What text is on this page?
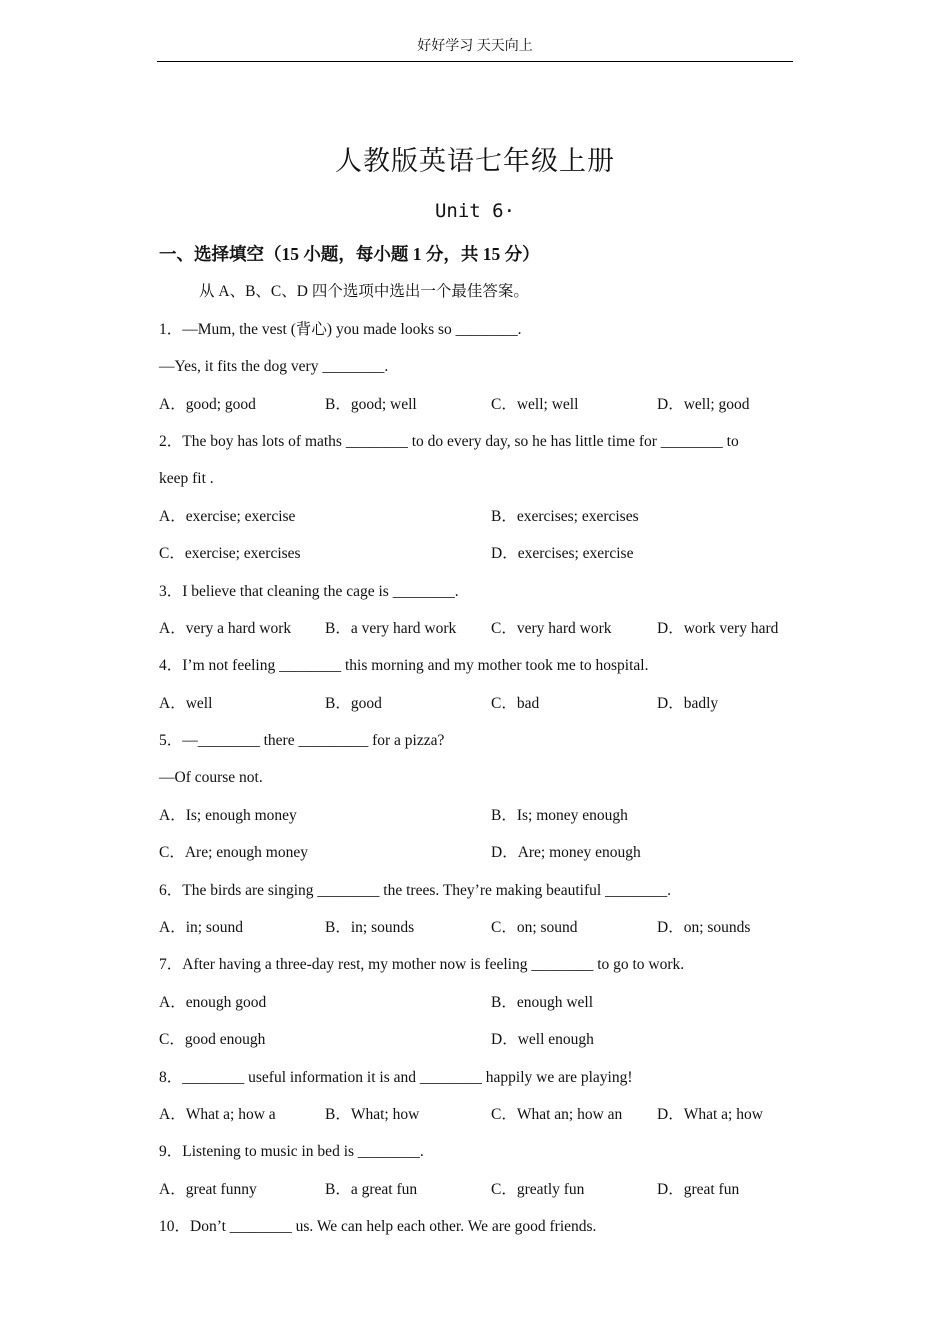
好好学习 天天向上
人教版英语七年级上册
Unit 6·
一、选择填空（15 小题，每小题 1 分，共 15 分）
从 A、B、C、D 四个选项中选出一个最佳答案。
1．—Mum, the vest (背心) you made looks so ________.
—Yes, it fits the dog very ________.
A．good; good	B．good; well	C．well; well	D．well; good
2．The boy has lots of maths ________ to do every day, so he has little time for ________ to
keep fit .
A．exercise; exercise	B．exercises; exercises
C．exercise; exercises	D．exercises; exercise
3．I believe that cleaning the cage is ________.
A．very a hard work	B．a very hard work	C．very hard work	D．work very hard
4．I’m not feeling ________ this morning and my mother took me to hospital.
A．well	B．good	C．bad	D．badly
5．—________ there _________ for a pizza?
—Of course not.
A．Is; enough money	B．Is; money enough
C．Are; enough money	D．Are; money enough
6．The birds are singing ________ the trees. They’re making beautiful ________.
A．in; sound	B．in; sounds	C．on; sound	D．on; sounds
7．After having a three-day rest, my mother now is feeling ________ to go to work.
A．enough good	B．enough well
C．good enough	D．well enough
8．________ useful information it is and ________ happily we are playing!
A．What a; how a	B．What; how	C．What an; how an	D．What a; how
9．Listening to music in bed is ________.
A．great funny	B．a great fun	C．greatly fun	D．great fun
10．Don’t ________ us. We can help each other. We are good friends.
